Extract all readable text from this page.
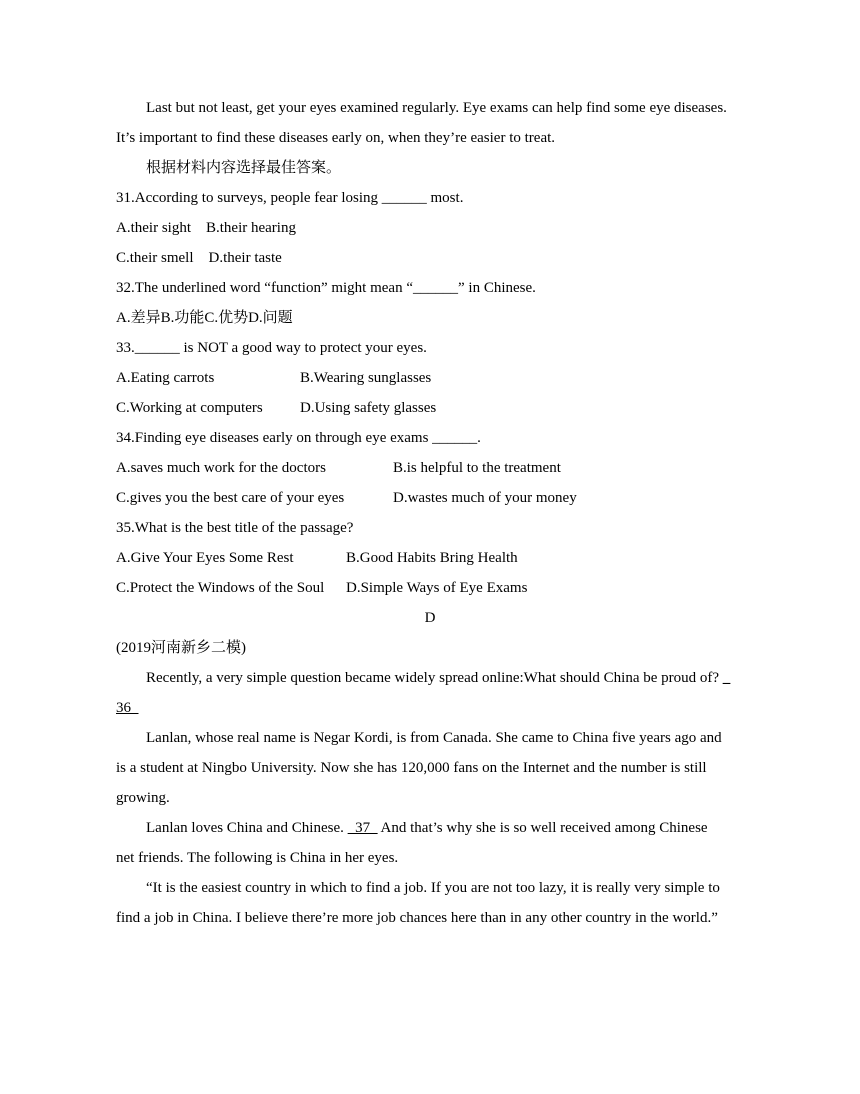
Last but not least, get your eyes examined regularly. Eye exams can help find some eye diseases.
It’s important to find these diseases early on, when they’re easier to treat.
根据材料内容选择最佳答案。
31.According to surveys, people fear losing ______ most.
A.their sight B.their hearing
C.their smell D.their taste
32.The underlined word “function” might mean “______” in Chinese.
A.差异B.功能C.优势D.问题
33.______ is NOT a good way to protect your eyes.
A.Eating carrots	B.Wearing sunglasses
C.Working at computers D.Using safety glasses
34.Finding eye diseases early on through eye exams ______.
A.saves much work for the doctors	B.is helpful to the treatment
C.gives you the best care of your eyes	D.wastes much of your money
35.What is the best title of the passage?
A.Give Your Eyes Some Rest	B.Good Habits Bring Health
C.Protect the Windows of the Soul D.Simple Ways of Eye Exams
D
(2019河南新乡二模)
Recently, a very simple question became widely spread online:What should China be proud of? _
36
Lanlan, whose real name is Negar Kordi, is from Canada. She came to China five years ago and
is a student at Ningbo University. Now she has 120,000 fans on the Internet and the number is still
growing.
Lanlan loves China and Chinese.   37   And that’s why she is so well received among Chinese
net friends. The following is China in her eyes.
“It is the easiest country in which to find a job. If you are not too lazy, it is really very simple to
find a job in China. I believe there’re more job chances here than in any other country in the world.”
